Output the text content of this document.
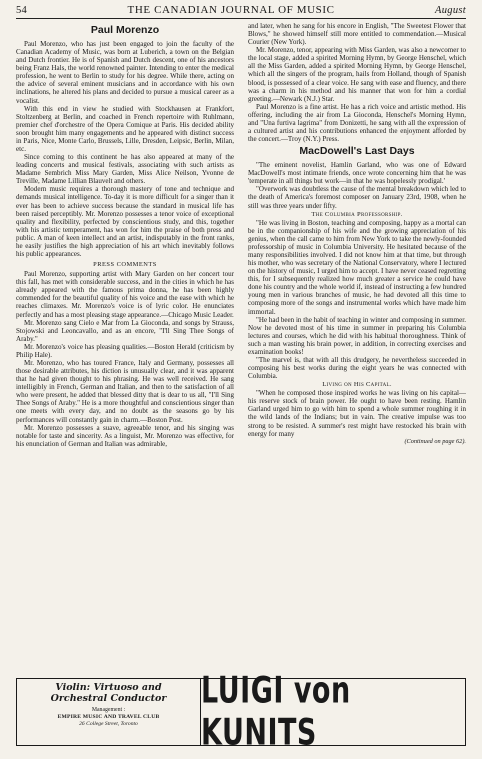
54	THE CANADIAN JOURNAL OF MUSIC	August
Paul Morenzo

Paul Morenzo, who has just been engaged to join the faculty of the Canadian Academy of Music, was born at Luberich, a town on the Belgian and Dutch frontier. He is of Spanish and Dutch descent, one of his ancestors being Franz Hals, the world renowned painter. Intending to enter the medical profession, he went to Berlin to study for his degree. While there, acting on the advice of several eminent musicians and in accordance with his own inclinations, he altered his plans and decided to pursue a musical career as a vocalist.

With this end in view he studied with Stockhausen at Frankfort, Stoltzenberg at Berlin, and coached in French repertoire with Ruhlmann, premier chef d'orchestre of the Opera Comique at Paris. His decided ability soon brought him many engagements and he appeared with distinct success in Paris, Nice, Monte Carlo, Brussels, Lille, Dresden, Leipsic, Berlin, Milan, etc.

Since coming to this continent he has also appeared at many of the leading concerts and musical festivals, associating with such artists as Madame Sembrich Miss Mary Garden, Miss Alice Neilson, Yvonne de Treville, Madame Lillian Blauvelt and others.

Modern music requires a thorough mastery of tone and technique and demands musical intelligence. To-day it is more difficult for a singer than it ever has been to achieve success because the standard in musical life has been raised perceptibly. Mr. Morenzo possesses a tenor voice of exceptional quality and flexibility, perfected by conscientious study, and this, together with his artistic temperament, has won for him the praise of both press and public. A man of keen intellect and an artist, indisputably in the front ranks, he easily justifies the high appreciation of his art which inevitably follows his public appearances.

PRESS COMMENTS

Paul Morenzo, supporting artist with Mary Garden on her concert tour this fall, has met with considerable success, and in the cities in which he has already appeared with the famous prima donna, he has been highly commended for the beautiful quality of his voice and the ease with which he reaches climaxes. Mr. Morenzo's voice is of lyric color. He enunciates perfectly and has a most pleasing stage appearance.—Chicago Music Leader.

Mr. Morenzo sang Cielo e Mar from La Gioconda, and songs by Strauss, Stojowski and Leoncavallo, and as an encore, "I'll Sing Thee Songs of Araby."

Mr. Morenzo's voice has pleasing qualities.—Boston Herald (criticism by Philip Hale).

Mr. Morenzo, who has toured France, Italy and Germany, possesses all those desirable attributes, his diction is unusually clear, and it was apparent that he had given thought to his phrasing. He was well received. He sang intelligibly in French, German and Italian, and then to the satisfaction of all who were present, he added that blessed ditty that is dear to us all, "I'll Sing Thee Songs of Araby." He is a more thoughtful and conscientious singer than one meets with every day, and no doubt as the seasons go by his performances will constantly gain in charm.—Boston Post.

Mr. Morenzo possesses a suave, agreeable tenor, and his singing was notable for taste and sincerity. As a linguist, Mr. Morenzo was effective, for his enunciation of German and Italian was admirable,

and later, when he sang for his encore in English, "The Sweetest Flower that Blows," he showed himself still more entitled to commendation.—Musical Courier (New York).

Mr. Morenzo, tenor, appearing with Miss Garden, was also a newcomer to the local stage, added a spirited Morning Hymn, by George Henschel, which all the Miss Garden, added a spirited Morning Hymn, by George Henschel, which all the singers of the program, hails from Holland, though of Spanish blood, is possessed of a clear voice. He sang with ease and fluency, and there was a charm in his method and his manner that won for him a cordial greeting.—Newark (N.J.) Star.

Paul Morenzo is a fine artist. He has a rich voice and artistic method. His offering, including the air from La Gioconda, Henschel's Morning Hymn, and "Una furtiva lagrima" from Donizetti, he sang with all the expression of a cultured artist and his contributions enhanced the enjoyment afforded by the concert.—Troy (N.Y.) Press.

MacDowell's Last Days

"The eminent novelist, Hamlin Garland, who was one of Edward MacDowell's most intimate friends, once wrote concerning him that he was 'temperate in all things but work—in that he was hopelessly prodigal.'

"Overwork was doubtless the cause of the mental breakdown which led to the death of America's foremost composer on January 23rd, 1908, when he still was three years under fifty.

The Columbia Professorship.

"He was living in Boston, teaching and composing, happy as a mortal can be in the companionship of his wife and the growing appreciation of his genius, when the call came to him from New York to take the newly-founded professorship of music in Columbia University. He hesitated because of the many responsibilities involved. I did not know him at that time, but through his mother, who was secretary of the National Conservatory, where I lectured on the history of music, I urged him to accept. I have never ceased regretting this, for I subsequently realized how much greater a service he could have done his country and the whole world if, instead of instructing a few hundred young men in various branches of music, he had devoted all this time to composing more of the songs and instrumental works which have made him immortal.

"He had been in the habit of teaching in winter and composing in summer. Now he devoted most of his time in summer in preparing his Columbia lectures and courses, which he did with his habitual thoroughness. Think of such a man wasting his brain power, in addition, in correcting exercises and examination books!

"The marvel is, that with all this drudgery, he nevertheless succeeded in composing his best works during the eight years he was connected with Columbia.

Living on His Capital.

"When he composed those inspired works he was living on his capital—his reserve stock of brain power. He ought to have been resting. Hamlin Garland urged him to go with him to spend a whole summer roughing it in the wild lands of the Indians; but in vain. The creative impulse was too strong to be resisted. A summer's rest might have restocked his brain with energy for many

(Continued on page 62).
Violin: Virtuoso and
Orchestral Conductor
Management :
EMPIRE MUSIC AND TRAVEL CLUB
26 College Street, Toronto
LUIGI von KUNITS
